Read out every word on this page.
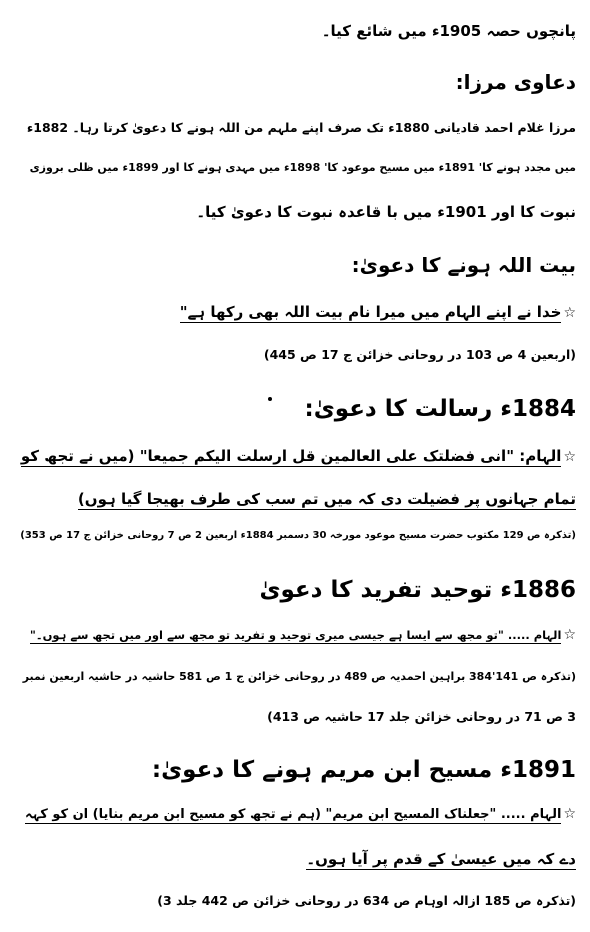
پانچوں حصہ 1905ء میں شائع کیا۔
دعاوی مرزا:
مرزا غلام احمد قادیانی 1880ء تک صرف اپنے ملہم من اللہ ہونے کا دعویٰ کرتا رہا۔ 1882ء
میں مجدد ہونے کا' 1891ء میں مسیح موعود کا' 1898ء میں مہدی ہونے کا اور 1899ء میں ظلی بروزی
نبوت کا اور 1901ء میں با قاعدہ نبوت کا دعویٰ کیا۔
بیت اللہ ہونے کا دعویٰ:
☆خدا نے اپنے الہام میں میرا نام بیت اللہ بھی رکھا ہے"
(اربعین 4 ص 103 در روحانی خزائن ج 17 ص 445)
1884ء رسالت کا دعویٰ:
☆الہام: "انی فضلتک علی العالمین قل ارسلت الیکم جمیعا" (میں نے تجھ کو
تمام جہانوں پر فضیلت دی کہ میں تم سب کی طرف بھیجا گیا ہوں)
(تذکرہ ص 129 مکتوب حضرت مسیح موعود مورخہ 30 دسمبر 1884ء اربعین 2 ص 7 روحانی خزائن ج 17 ص 353)
1886ء توحید تفرید کا دعویٰ
☆الہام ..... "تو مجھ سے ایسا ہے جیسی میری توحید و تفرید تو مجھ سے اور میں تجھ سے ہوں۔"
(تذکرہ ص 141'384 براہین احمدیہ ص 489 در روحانی خزائن ج 1 ص 581 حاشیہ در حاشیہ اربعین نمبر
3 ص 71 در روحانی خزائن جلد 17 حاشیہ ص 413)
1891ء مسیح ابن مریم ہونے کا دعویٰ:
☆الہام ..... "جعلناک المسیح ابن مریم" (ہم نے تجھ کو مسیح ابن مریم بنایا) ان کو کہہ
دے کہ میں عیسیٰ کے قدم پر آیا ہوں۔
(تذکرہ ص 185 ازالہ اوہام ص 634 در روحانی خزائن ص 442 جلد 3)
